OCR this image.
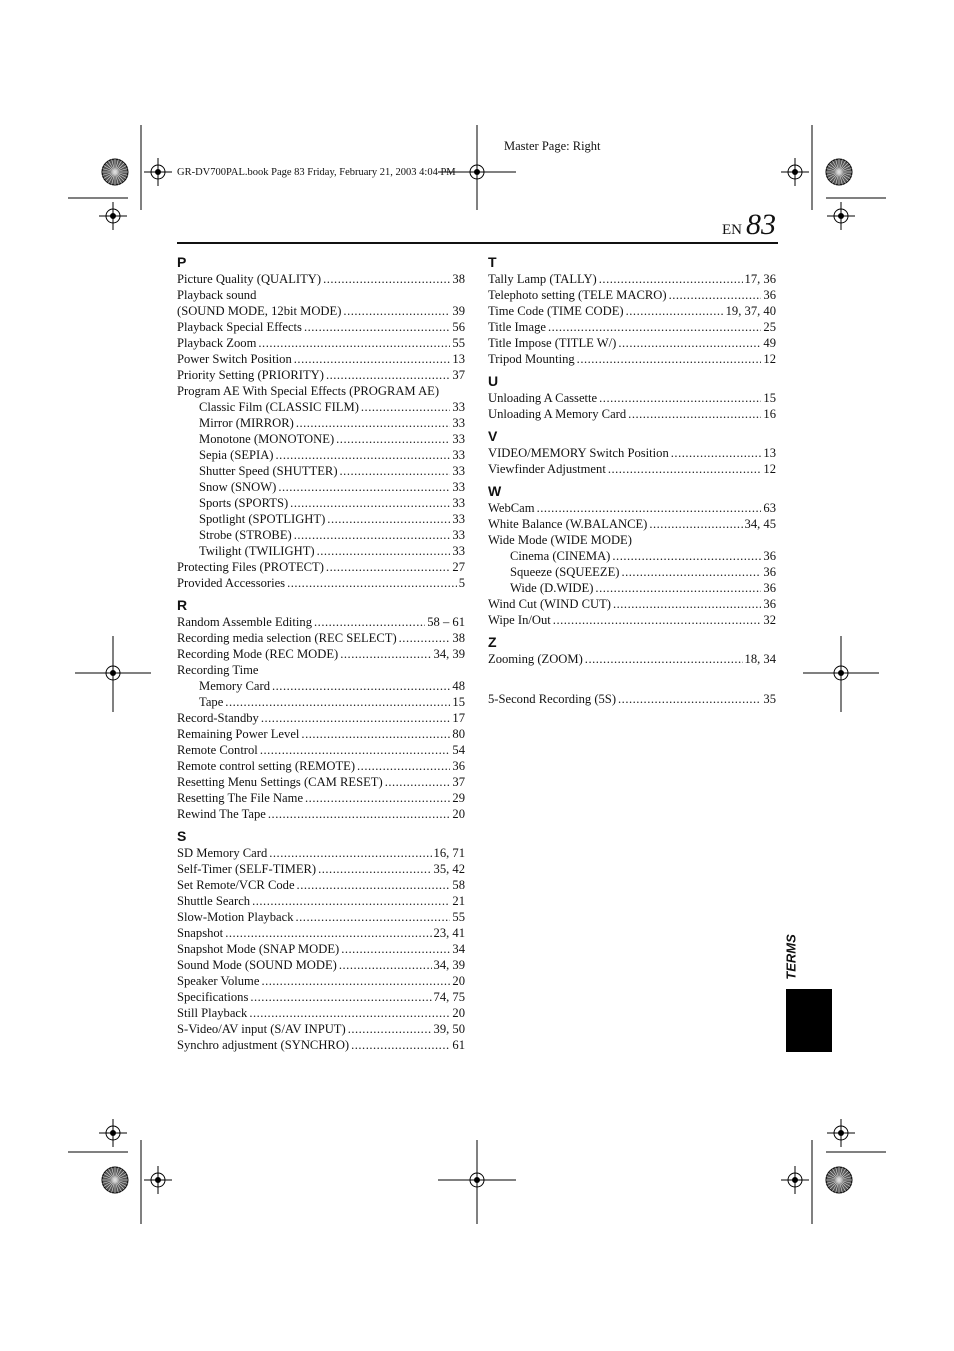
Master Page: Right
GR-DV700PAL.book Page 83 Friday, February 21, 2003 4:04 PM
EN 83
P
Picture Quality (QUALITY) .....	38
Playback sound
(SOUND MODE, 12bit MODE) .....	39
Playback Special Effects .....	56
Playback Zoom .....	55
Power Switch Position .....	13
Priority Setting (PRIORITY) .....	37
Program AE With Special Effects (PROGRAM AE)
Classic Film (CLASSIC FILM) .....	33
Mirror (MIRROR) .....	33
Monotone (MONOTONE) .....	33
Sepia (SEPIA) .....	33
Shutter Speed (SHUTTER) .....	33
Snow (SNOW) .....	33
Sports (SPORTS) .....	33
Spotlight (SPOTLIGHT) .....	33
Strobe (STROBE) .....	33
Twilight (TWILIGHT) .....	33
Protecting Files (PROTECT) .....	27
Provided Accessories .....	5
R
Random Assemble Editing .....	58 – 61
Recording media selection (REC SELECT) .....	38
Recording Mode (REC MODE) .....	34, 39
Recording Time
Memory Card .....	48
Tape .....	15
Record-Standby .....	17
Remaining Power Level .....	80
Remote Control .....	54
Remote control setting (REMOTE) .....	36
Resetting Menu Settings (CAM RESET) .....	37
Resetting The File Name .....	29
Rewind The Tape .....	20
S
SD Memory Card .....	16, 71
Self-Timer (SELF-TIMER) .....	35, 42
Set Remote/VCR Code .....	58
Shuttle Search .....	21
Slow-Motion Playback .....	55
Snapshot .....	23, 41
Snapshot Mode (SNAP MODE) .....	34
Sound Mode (SOUND MODE) .....	34, 39
Speaker Volume .....	20
Specifications .....	74, 75
Still Playback .....	20
S-Video/AV input (S/AV INPUT) .....	39, 50
Synchro adjustment (SYNCHRO) .....	61
T
Tally Lamp (TALLY) .....	17, 36
Telephoto setting (TELE MACRO) .....	36
Time Code (TIME CODE) .....	19, 37, 40
Title Image .....	25
Title Impose (TITLE W/) .....	49
Tripod Mounting .....	12
U
Unloading A Cassette .....	15
Unloading A Memory Card .....	16
V
VIDEO/MEMORY Switch Position .....	13
Viewfinder Adjustment .....	12
W
WebCam .....	63
White Balance (W.BALANCE) .....	34, 45
Wide Mode (WIDE MODE)
Cinema (CINEMA) .....	36
Squeeze (SQUEEZE) .....	36
Wide (D.WIDE) .....	36
Wind Cut (WIND CUT) .....	36
Wipe In/Out .....	32
Z
Zooming (ZOOM) .....	18, 34
5-Second Recording (5S) .....	35
TERMS
